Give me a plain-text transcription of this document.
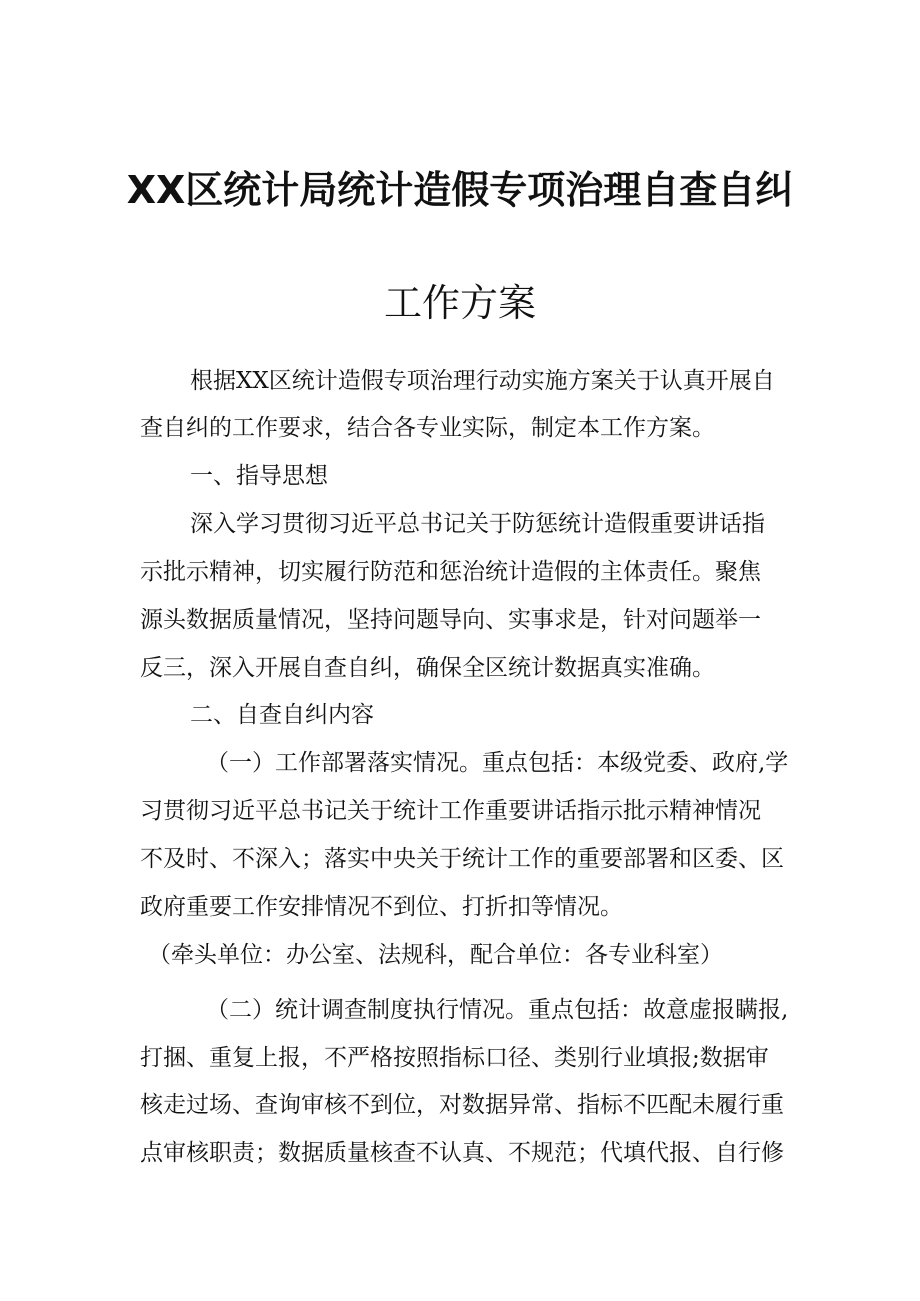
XX区统计局统计造假专项治理自查自纠
工作方案

根据XX区统计造假专项治理行动实施方案关于认真开展自

查自纠的工作要求，结合各专业实际，制定本工作方案。

一、指导思想

深入学习贯彻习近平总书记关于防惩统计造假重要讲话指

示批示精神，切实履行防范和惩治统计造假的主体责任。聚焦

源头数据质量情况，坚持问题导向、实事求是，针对问题举一

反三，深入开展自查自纠，确保全区统计数据真实准确。

二、自查自纠内容

（一）工作部署落实情况。重点包括：本级党委、政府,学

习贯彻习近平总书记关于统计工作重要讲话指示批示精神情况

不及时、不深入；落实中央关于统计工作的重要部署和区委、区

政府重要工作安排情况不到位、打折扣等情况。

（牵头单位：办公室、法规科，配合单位：各专业科室）

（二）统计调查制度执行情况。重点包括：故意虚报瞒报,

打捆、重复上报，不严格按照指标口径、类别行业填报;数据审

核走过场、查询审核不到位，对数据异常、指标不匹配未履行重

点审核职责；数据质量核查不认真、不规范；代填代报、自行修
